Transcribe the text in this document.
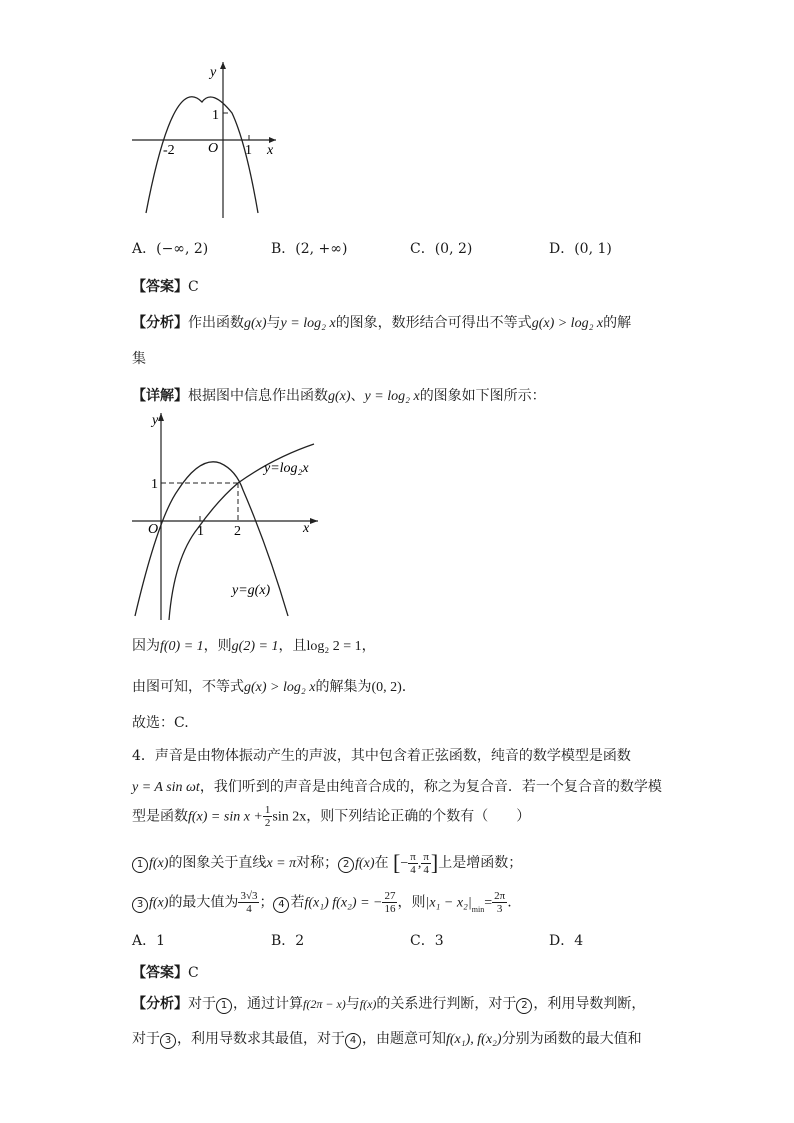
y
x
O
1
-2	1
A．(−∞, 2)	B．(2, +∞)	C．(0, 2)	D．(0, 1)
【答案】C
【分析】作出函数g(x)与y = log₂ x的图象，数形结合可得出不等式g(x) > log₂ x的解
集
【详解】根据图中信息作出函数g(x)、y = log₂ x的图象如下图所示：
y
x
O
1
1 2
y=log₂x
y=g(x)
因为f(0) = 1，则g(2) = 1，且log₂ 2 = 1，
由图可知，不等式g(x) > log₂ x的解集为(0, 2).
故选：C.
4．声音是由物体振动产生的声波，其中包含着正弦函数，纯音的数学模型是函数
y = A sin ωt，我们听到的声音是由纯音合成的，称之为复合音．若一个复合音的数学模
型是函数$f(x) = \sin x + \frac{1}{2}$ sin 2x，则下列结论正确的个数有（　　）
1 f(x)的图象关于直线x = π对称； 2 f(x)在 [− $\frac{\pi}{4}$ , $\frac{\pi}{4}$ ]上是增函数；
3 f(x)的最大值为 $\frac{3√3}{4}$ ； 4 若f(x₁) f(x₂) = − $\frac{27}{16}$ ，则$|x_1 - x_2|_{min}= \frac{2\pi}{3}$ .
A．1	B．2	C．3	D．4
【答案】C
【分析】对于 1 ，通过计算f(2π − x)与f(x)的关系进行判断，对于 2 ，利用导数判断，
对于 3 ，利用导数求其最值，对于 4 ，由题意可知f(x₁), f(x₂)分别为函数的最大值和
